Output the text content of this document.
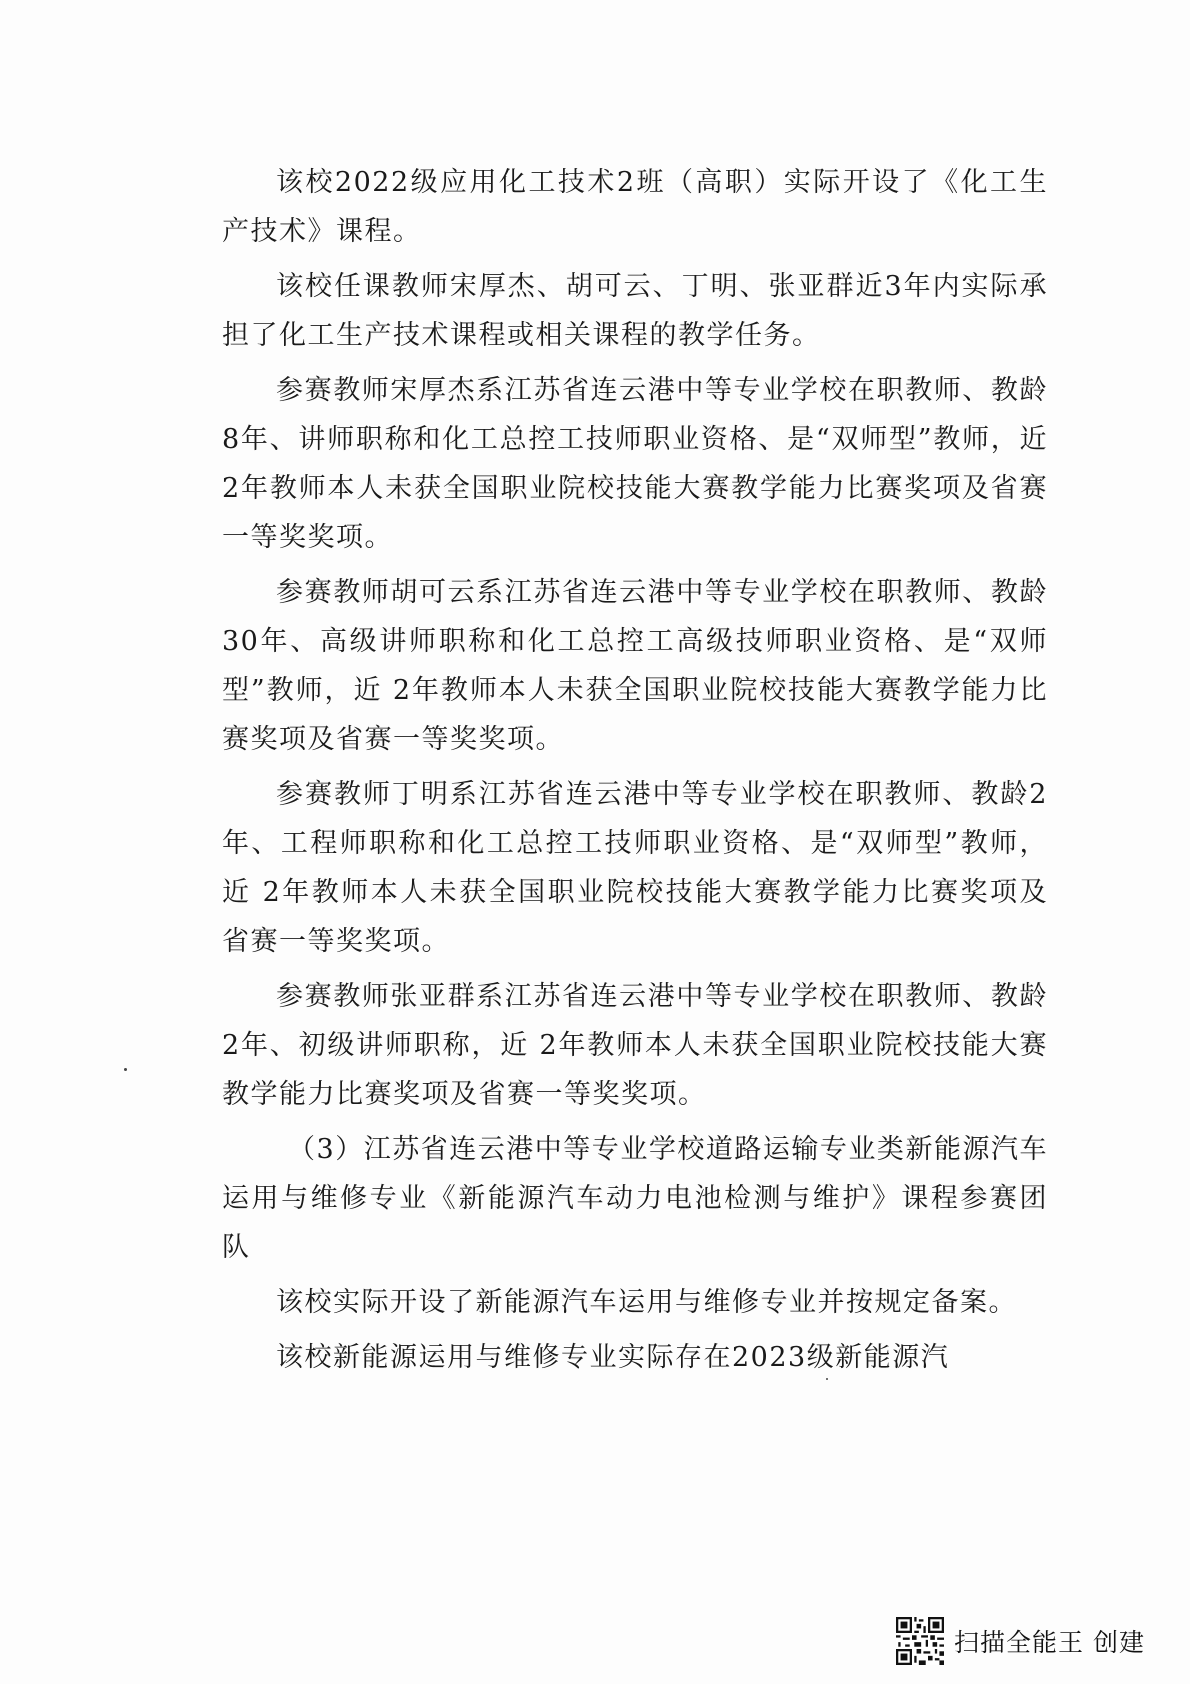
该校2022级应用化工技术2班（高职）实际开设了《化工生产技术》课程。

该校任课教师宋厚杰、胡可云、丁明、张亚群近3年内实际承担了化工生产技术课程或相关课程的教学任务。

参赛教师宋厚杰系江苏省连云港中等专业学校在职教师、教龄8年、讲师职称和化工总控工技师职业资格、是“双师型”教师，近2年教师本人未获全国职业院校技能大赛教学能力比赛奖项及省赛一等奖奖项。

参赛教师胡可云系江苏省连云港中等专业学校在职教师、教龄30年、高级讲师职称和化工总控工高级技师职业资格、是“双师型”教师，近 2年教师本人未获全国职业院校技能大赛教学能力比赛奖项及省赛一等奖奖项。

参赛教师丁明系江苏省连云港中等专业学校在职教师、教龄2年、工程师职称和化工总控工技师职业资格、是“双师型”教师，近 2年教师本人未获全国职业院校技能大赛教学能力比赛奖项及省赛一等奖奖项。

参赛教师张亚群系江苏省连云港中等专业学校在职教师、教龄2年、初级讲师职称，近 2年教师本人未获全国职业院校技能大赛教学能力比赛奖项及省赛一等奖奖项。

（3）江苏省连云港中等专业学校道路运输专业类新能源汽车运用与维修专业《新能源汽车动力电池检测与维护》课程参赛团队

该校实际开设了新能源汽车运用与维修专业并按规定备案。

该校新能源运用与维修专业实际存在2023级新能源汽

扫描全能王 创建
